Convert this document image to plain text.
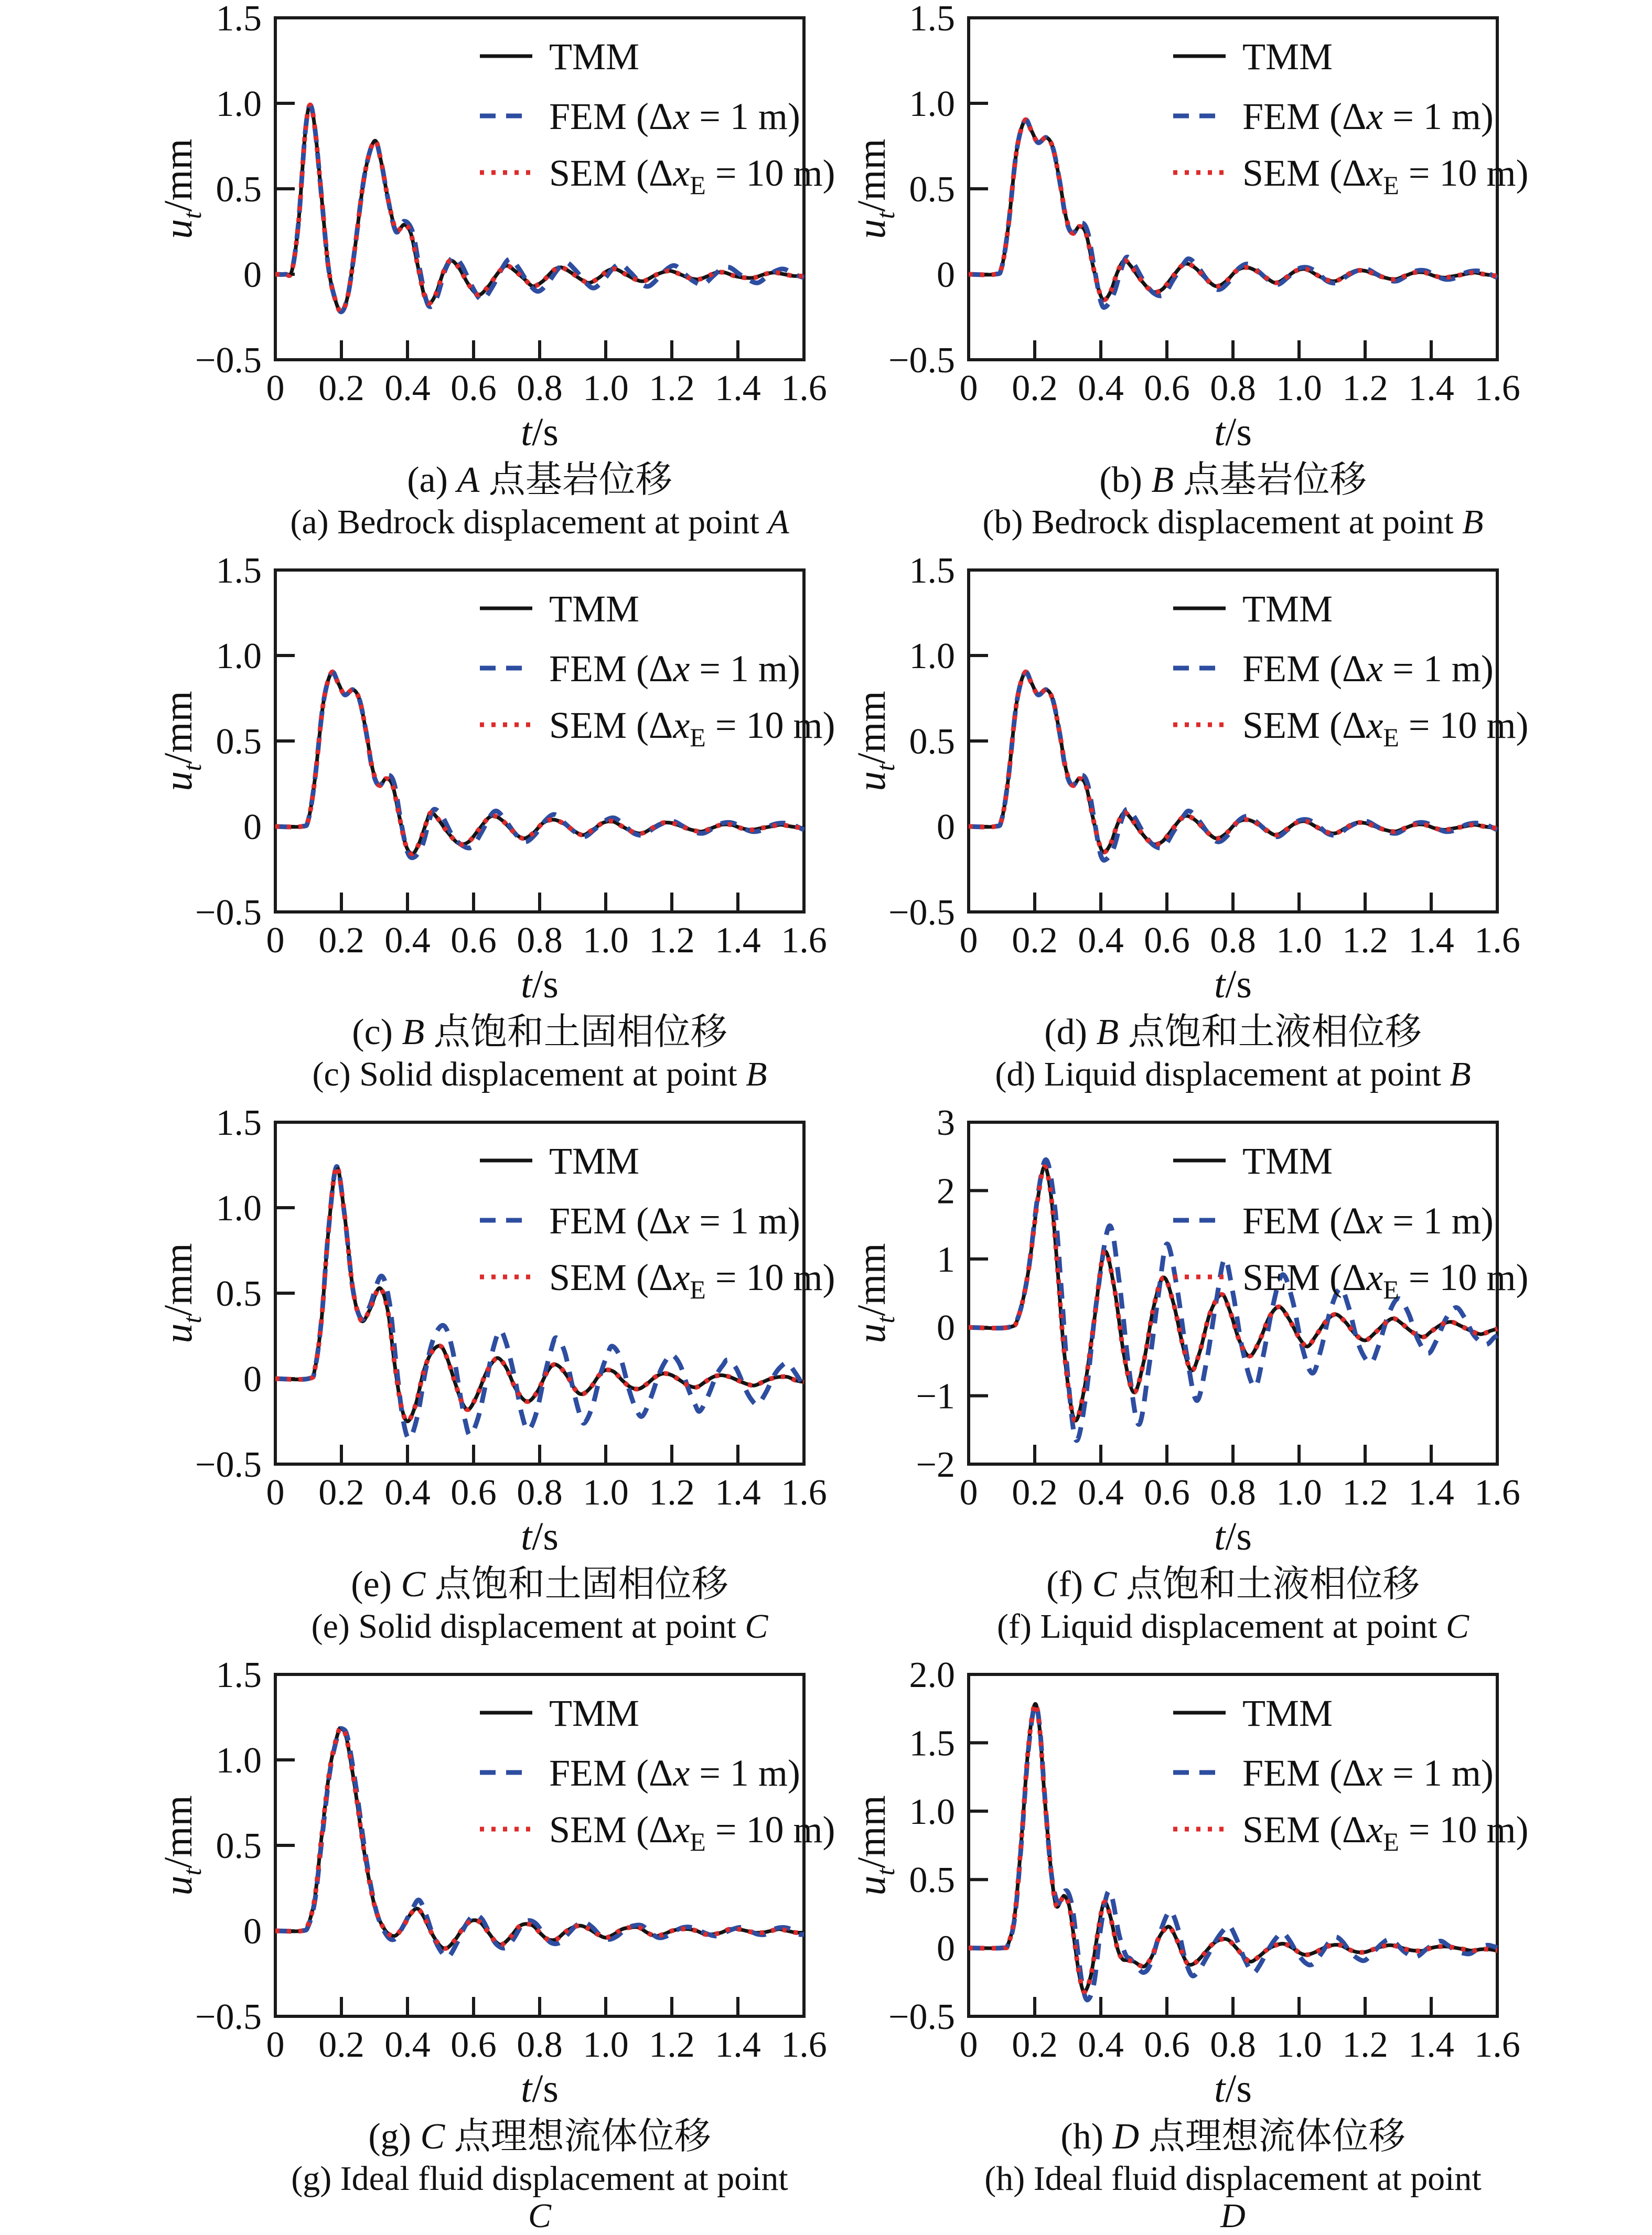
0 0.2 0.4 0.6 0.8 1.0 1.2 1.4 1.6
1.5
1.0
0.5
0
−0.5
t/s
$u_t/mm$
TMM
FEM (Δx = 1 m)
SEM ($\Delta x_E = 10$ m)
(a) A 点基岩位移
(a) Bedrock displacement at point A
0 0.2 0.4 0.6 0.8 1.0 1.2 1.4 1.6
1.5
1.0
0.5
0
−0.5
t/s
$u_t/mm$
TMM
FEM (Δx = 1 m)
SEM ($\Delta x_E = 10$ m)
(b) B 点基岩位移
(b) Bedrock displacement at point B
0 0.2 0.4 0.6 0.8 1.0 1.2 1.4 1.6
1.5
1.0
0.5
0
−0.5
t/s
$u_t/mm$
TMM
FEM (Δx = 1 m)
SEM ($\Delta x_E = 10$ m)
(c) B 点饱和土固相位移
(c) Solid displacement at point B
0 0.2 0.4 0.6 0.8 1.0 1.2 1.4 1.6
1.5
1.0
0.5
0
−0.5
t/s
$u_t/mm$
TMM
FEM (Δx = 1 m)
SEM ($\Delta x_E = 10$ m)
(d) B 点饱和土液相位移
(d) Liquid displacement at point B
0 0.2 0.4 0.6 0.8 1.0 1.2 1.4 1.6
1.5
1.0
0.5
0
−0.5
t/s
$u_t/mm$
TMM
FEM (Δx = 1 m)
SEM ($\Delta x_E = 10$ m)
(e) C 点饱和土固相位移
(e) Solid displacement at point C
0 0.2 0.4 0.6 0.8 1.0 1.2 1.4 1.6
3
2
1
0
−1
−2
t/s
$u_t/mm$
TMM
FEM (Δx = 1 m)
SEM ($\Delta x_E = 10$ m)
(f) C 点饱和土液相位移
(f) Liquid displacement at point C
0 0.2 0.4 0.6 0.8 1.0 1.2 1.4 1.6
1.5
1.0
0.5
0
−0.5
t/s
$u_t/mm$
TMM
FEM (Δx = 1 m)
SEM ($\Delta x_E = 10$ m)
(g) C 点理想流体位移
(g) Ideal fluid displacement at point C
0 0.2 0.4 0.6 0.8 1.0 1.2 1.4 1.6
2.0
1.5
1.0
0.5
0
−0.5
t/s
$u_t/mm$
TMM
FEM (Δx = 1 m)
SEM ($\Delta x_E = 10$ m)
(h) D 点理想流体位移
(h) Ideal fluid displacement at point D
